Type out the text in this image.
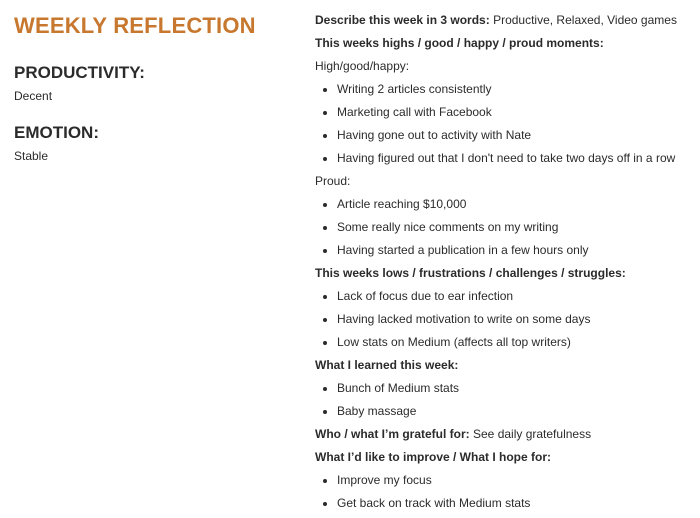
WEEKLY REFLECTION
PRODUCTIVITY:

Decent

EMOTION:

Stable

Describe this week in 3 words: Productive, Relaxed, Video games
This weeks highs / good / happy / proud moments:
High/good/happy:
Writing 2 articles consistently
Marketing call with Facebook
Having gone out to activity with Nate
Having figured out that I don't need to take two days off in a row
Proud:
Article reaching $10,000
Some really nice comments on my writing
Having started a publication in a few hours only
This weeks lows / frustrations / challenges / struggles:
Lack of focus due to ear infection
Having lacked motivation to write on some days
Low stats on Medium (affects all top writers)
What I learned this week:
Bunch of Medium stats
Baby massage
Who / what I’m grateful for: See daily gratefulness
What I’d like to improve / What I hope for:
Improve my focus
Get back on track with Medium stats
